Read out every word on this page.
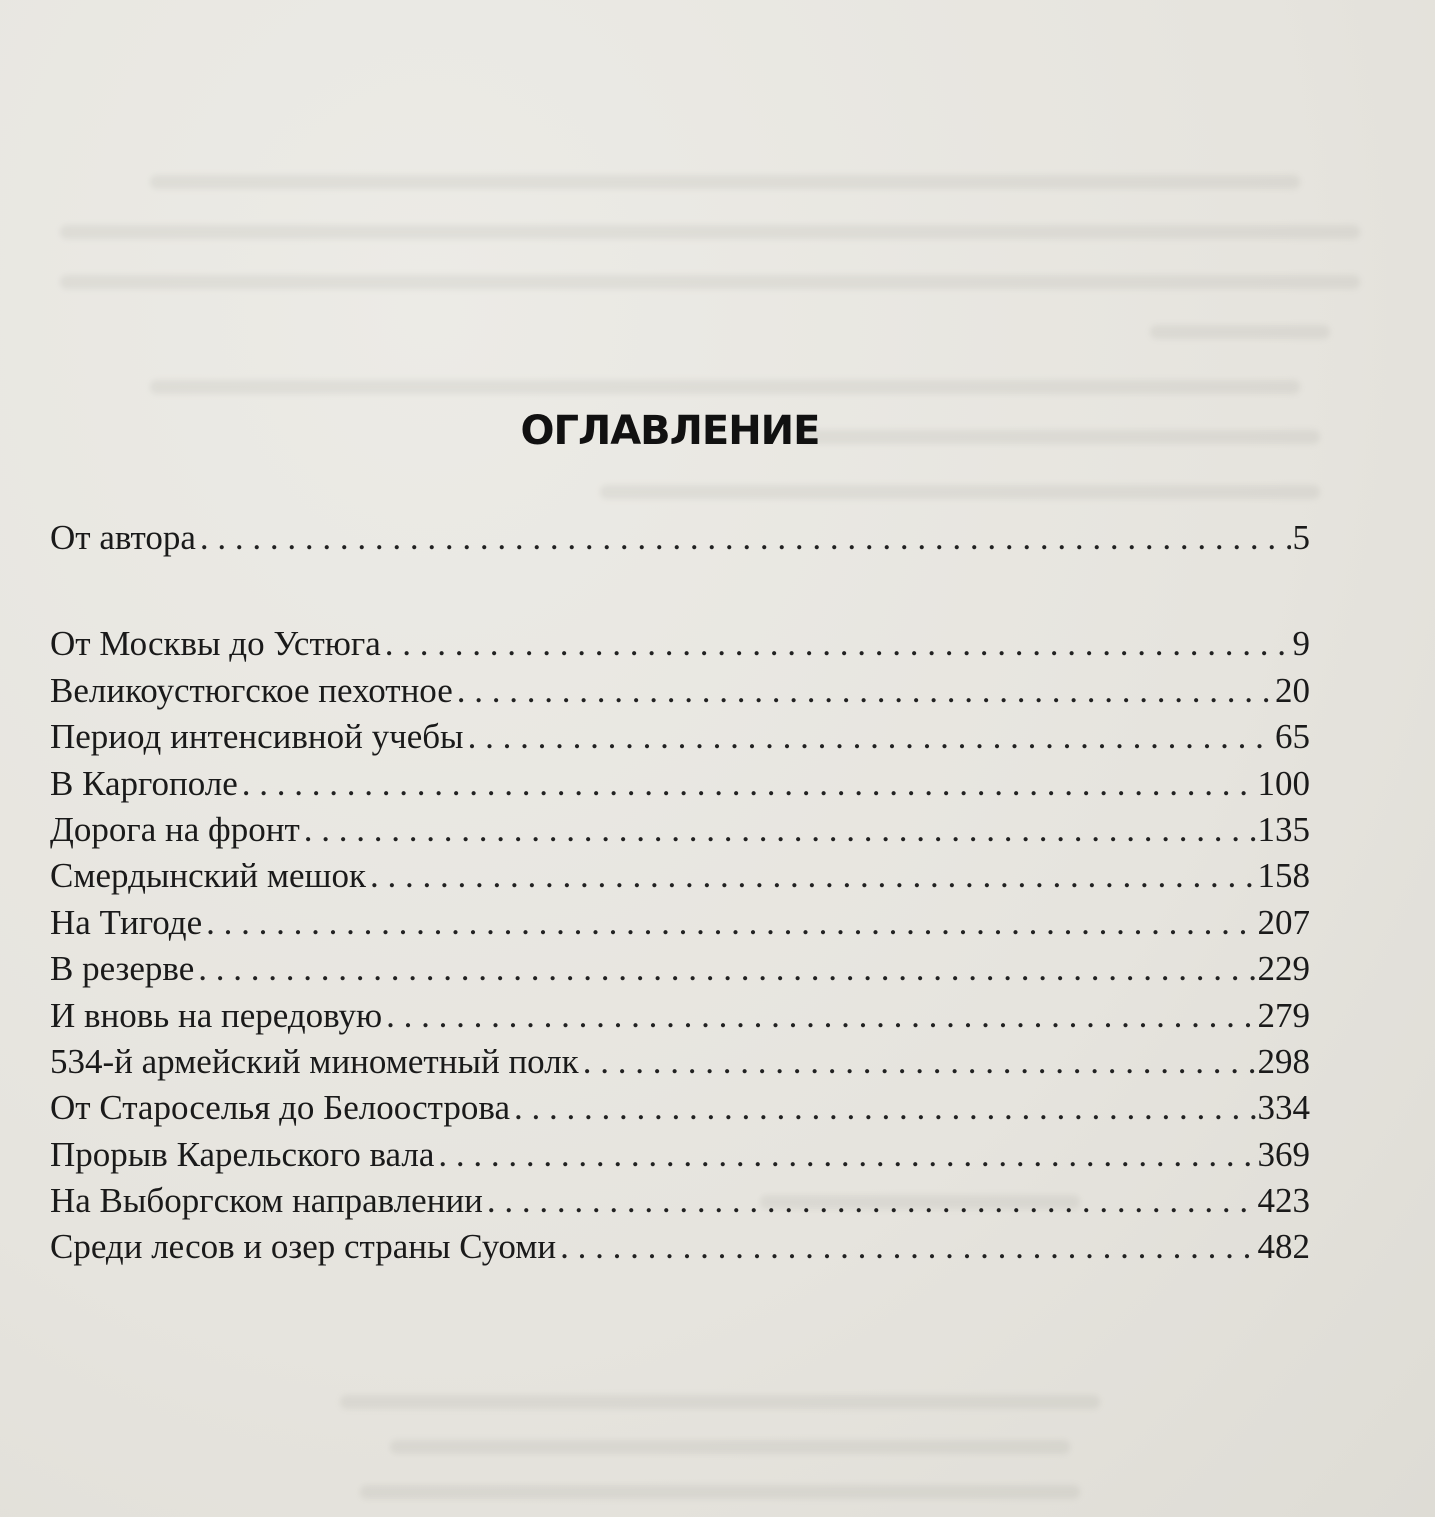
ОГЛАВЛЕНИЕ
От автора . . .	5
От Москвы до Устюга . . .	9
Великоустюгское пехотное . . .	20
Период интенсивной учебы . . .	65
В Каргополе . . .	100
Дорога на фронт . . .	135
Смердынский мешок . . .	158
На Тигоде . . .	207
В резерве . . .	229
И вновь на передовую . . .	279
534-й армейский минометный полк . . .	298
От Староселья до Белоострова . . .	334
Прорыв Карельского вала . . .	369
На Выборгском направлении . . .	423
Среди лесов и озер страны Суоми . . .	482
